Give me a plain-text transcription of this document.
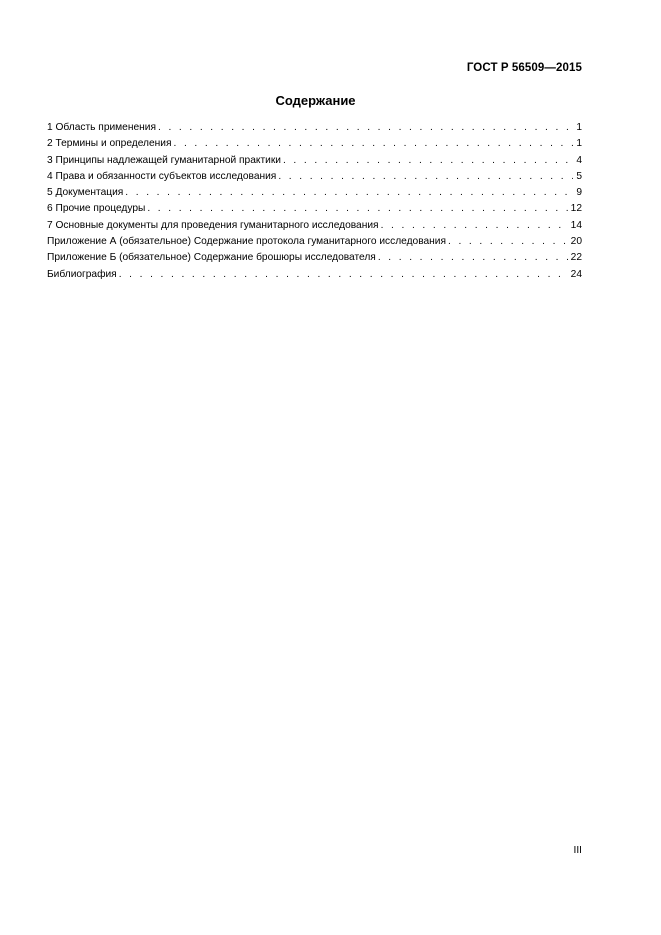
ГОСТ Р 56509—2015
Содержание
1 Область применения . . .	1
2 Термины и определения . . .	1
3 Принципы надлежащей гуманитарной практики . . .	4
4 Права и обязанности субъектов исследования . . .	5
5 Документация . . .	9
6 Прочие процедуры . . .	12
7 Основные документы для проведения гуманитарного исследования . . .	14
Приложение А (обязательное) Содержание протокола гуманитарного исследования . . .	20
Приложение Б (обязательное) Содержание брошюры исследователя . . .	22
Библиография . . .	24
III
